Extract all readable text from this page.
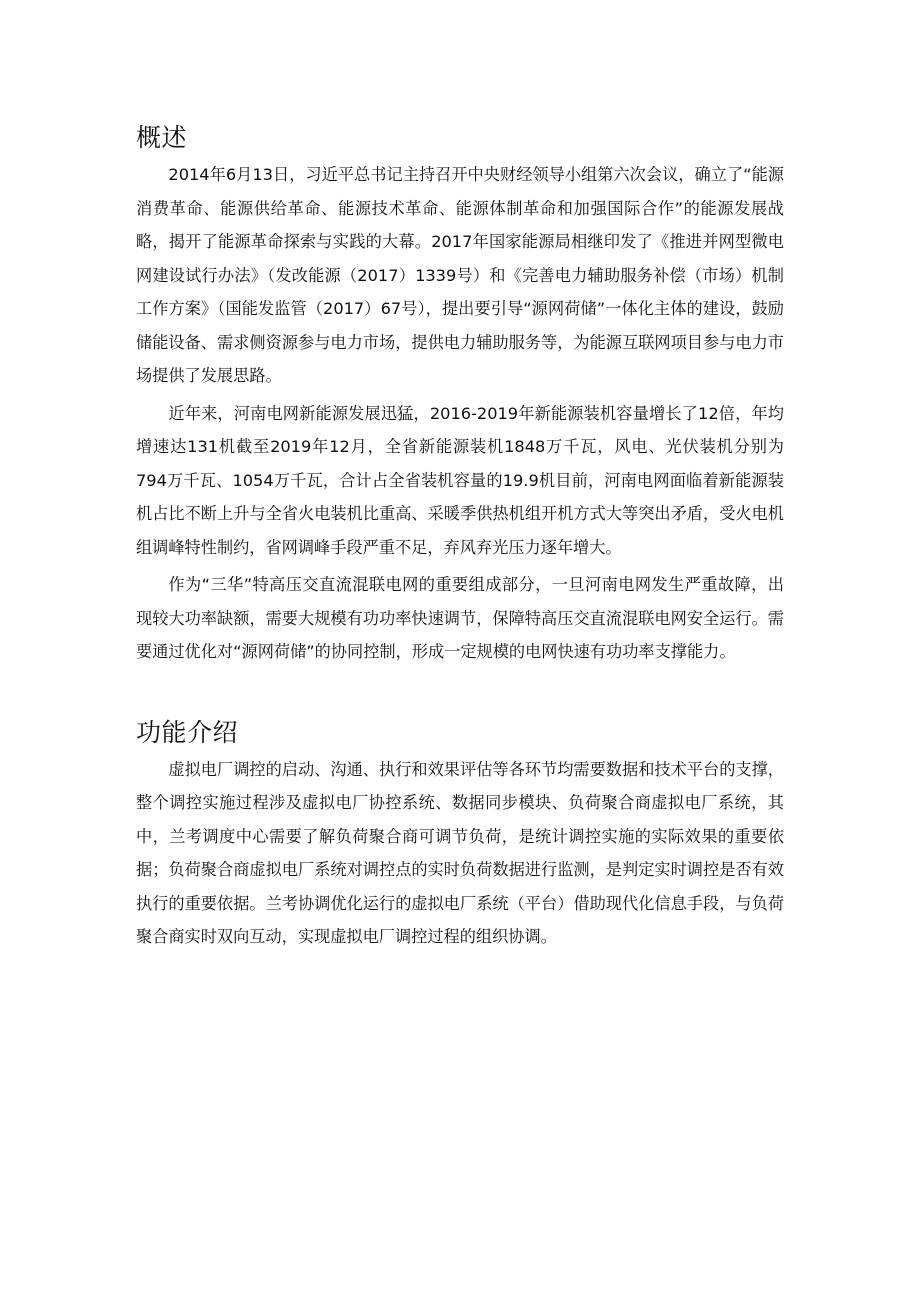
概述

2014年6月13日，习近平总书记主持召开中央财经领导小组第六次会议，确立了“能源消费革命、能源供给革命、能源技术革命、能源体制革命和加强国际合作”的能源发展战略，揭开了能源革命探索与实践的大幕。2017年国家能源局相继印发了《推进并网型微电网建设试行办法》（发改能源（2017）1339号）和《完善电力辅助服务补偿（市场）机制工作方案》（国能发监管（2017）67号），提出要引导“源网荷储”一体化主体的建设，鼓励储能设备、需求侧资源参与电力市场，提供电力辅助服务等，为能源互联网项目参与电力市场提供了发展思路。

近年来，河南电网新能源发展迅猛，2016-2019年新能源装机容量增长了12倍，年均增速达131机截至2019年12月，全省新能源装机1848万千瓦，风电、光伏装机分别为794万千瓦、1054万千瓦，合计占全省装机容量的19.9机目前，河南电网面临着新能源装机占比不断上升与全省火电装机比重高、采暖季供热机组开机方式大等突出矛盾，受火电机组调峰特性制约，省网调峰手段严重不足，弃风弃光压力逐年增大。

作为“三华”特高压交直流混联电网的重要组成部分，一旦河南电网发生严重故障，出现较大功率缺额，需要大规模有功功率快速调节，保障特高压交直流混联电网安全运行。需要通过优化对“源网荷储”的协同控制，形成一定规模的电网快速有功功率支撑能力。

功能介绍

虚拟电厂调控的启动、沟通、执行和效果评估等各环节均需要数据和技术平台的支撑，整个调控实施过程涉及虚拟电厂协控系统、数据同步模块、负荷聚合商虚拟电厂系统，其中，兰考调度中心需要了解负荷聚合商可调节负荷，是统计调控实施的实际效果的重要依据；负荷聚合商虚拟电厂系统对调控点的实时负荷数据进行监测，是判定实时调控是否有效执行的重要依据。兰考协调优化运行的虚拟电厂系统（平台）借助现代化信息手段，与负荷聚合商实时双向互动，实现虚拟电厂调控过程的组织协调。
